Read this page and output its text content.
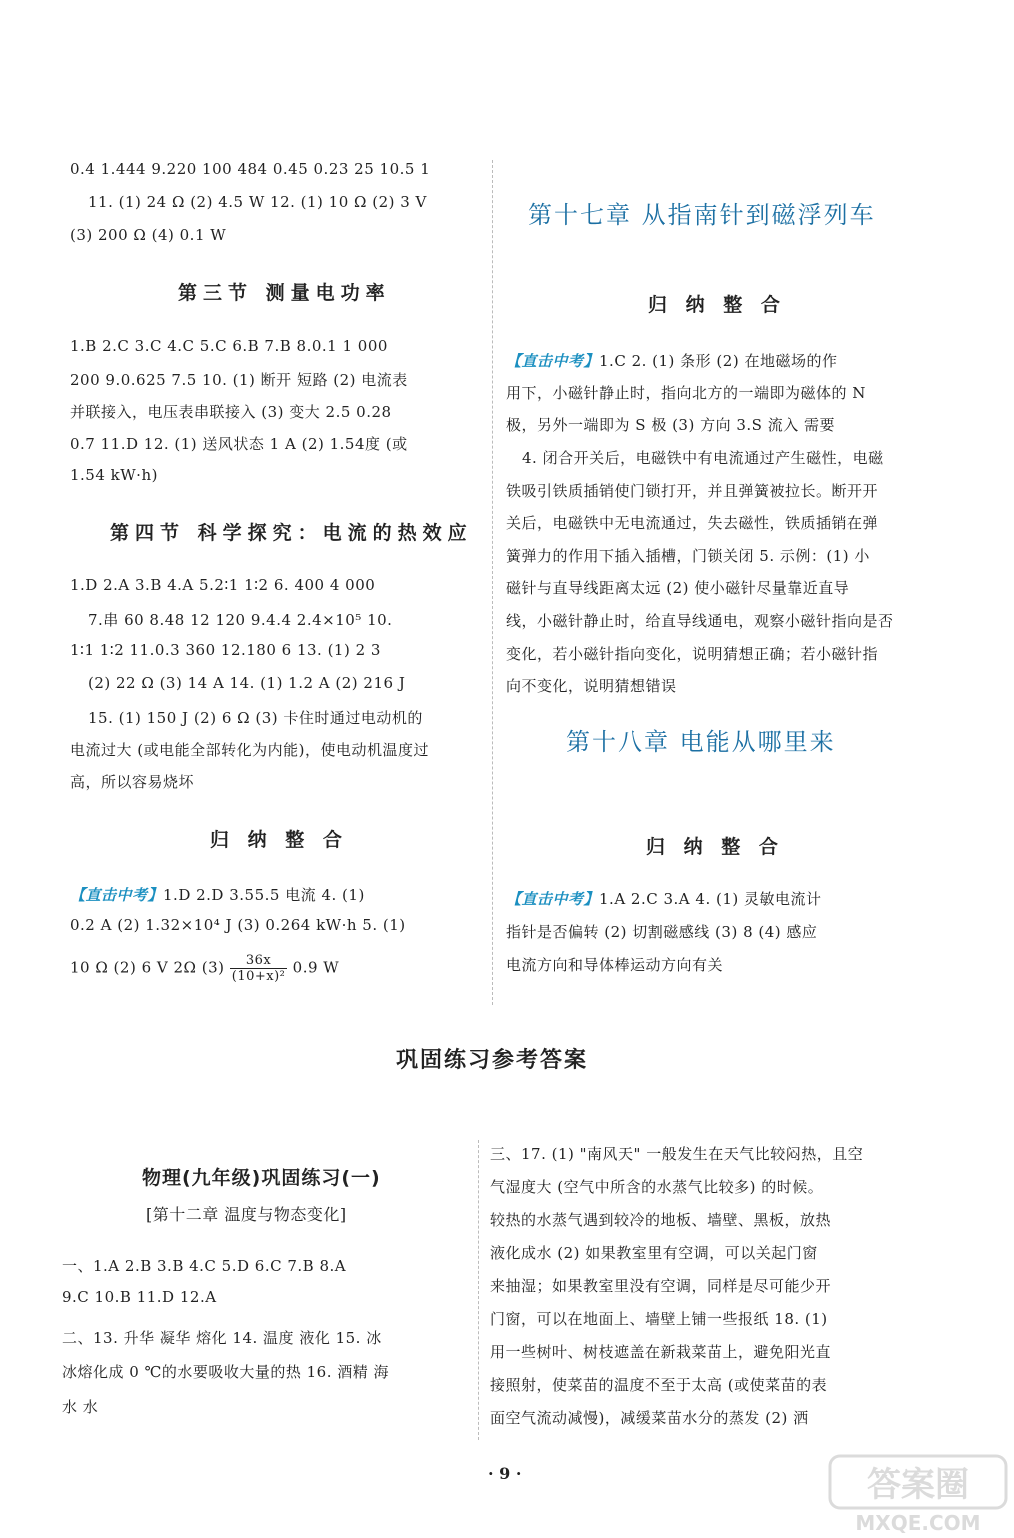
0.4 1.444 9.220 100 484 0.45 0.23 25 10.5 1
11. (1) 24 Ω (2) 4.5 W 12. (1) 10 Ω (2) 3 V
(3) 200 Ω (4) 0.1 W
第三节 测量电功率
1.B 2.C 3.C 4.C 5.C 6.B 7.B 8.0.1 1 000
200 9.0.625 7.5 10. (1) 断开 短路 (2) 电流表
并联接入，电压表串联接入 (3) 变大 2.5 0.28
0.7 11.D 12. (1) 送风状态 1 A (2) 1.54度 (或
1.54 kW·h)
第四节 科学探究：电流的热效应
1.D 2.A 3.B 4.A 5.2∶1 1∶2 6. 400 4 000
7.串 60 8.48 12 120 9.4.4 2.4×10⁵ 10.
1∶1 1∶2 11.0.3 360 12.180 6 13. (1) 2 3
(2) 22 Ω (3) 14 A 14. (1) 1.2 A (2) 216 J
15. (1) 150 J (2) 6 Ω (3) 卡住时通过电动机的
电流过大 (或电能全部转化为内能)，使电动机温度过
高，所以容易烧坏
归 纳 整 合
【直击中考】1.D 2.D 3.55.5 电流 4. (1)
0.2 A (2) 1.32×10⁴ J (3) 0.264 kW·h 5. (1)
10 Ω (2) 6 V 2Ω $(3) \frac{36x}{\text{(10+x)²}} 0.9$ W
第十七章 从指南针到磁浮列车
归 纳 整 合
【直击中考】1.C 2. (1) 条形 (2) 在地磁场的作
用下，小磁针静止时，指向北方的一端即为磁体的 N
极，另外一端即为 S 极 (3) 方向 3.S 流入 需要
4. 闭合开关后，电磁铁中有电流通过产生磁性，电磁
铁吸引铁质插销使门锁打开，并且弹簧被拉长。断开开
关后，电磁铁中无电流通过，失去磁性，铁质插销在弹
簧弹力的作用下插入插槽，门锁关闭 5. 示例：(1) 小
磁针与直导线距离太远 (2) 使小磁针尽量靠近直导
线，小磁针静止时，给直导线通电，观察小磁针指向是否
变化，若小磁针指向变化，说明猜想正确；若小磁针指
向不变化，说明猜想错误
第十八章 电能从哪里来
归 纳 整 合
【直击中考】1.A 2.C 3.A 4. (1) 灵敏电流计
指针是否偏转 (2) 切割磁感线 (3) 8 (4) 感应
电流方向和导体棒运动方向有关
巩固练习参考答案
物理(九年级)巩固练习(一)
[第十二章 温度与物态变化]
一、1.A 2.B 3.B 4.C 5.D 6.C 7.B 8.A
9.C 10.B 11.D 12.A
二、13. 升华 凝华 熔化 14. 温度 液化 15. 冰
冰熔化成 0 ℃的水要吸收大量的热 16. 酒精 海
水 水
三、17. (1) "南风天" 一般发生在天气比较闷热，且空
气湿度大 (空气中所含的水蒸气比较多) 的时候。
较热的水蒸气遇到较冷的地板、墙壁、黑板，放热
液化成水 (2) 如果教室里有空调，可以关起门窗
来抽湿；如果教室里没有空调，同样是尽可能少开
门窗，可以在地面上、墙壁上铺一些报纸 18. (1)
用一些树叶、树枝遮盖在新栽菜苗上，避免阳光直
接照射，使菜苗的温度不至于太高 (或使菜苗的表
面空气流动减慢)，减缓菜苗水分的蒸发 (2) 洒
· 9 ·	答案圈
MXQE.COM
